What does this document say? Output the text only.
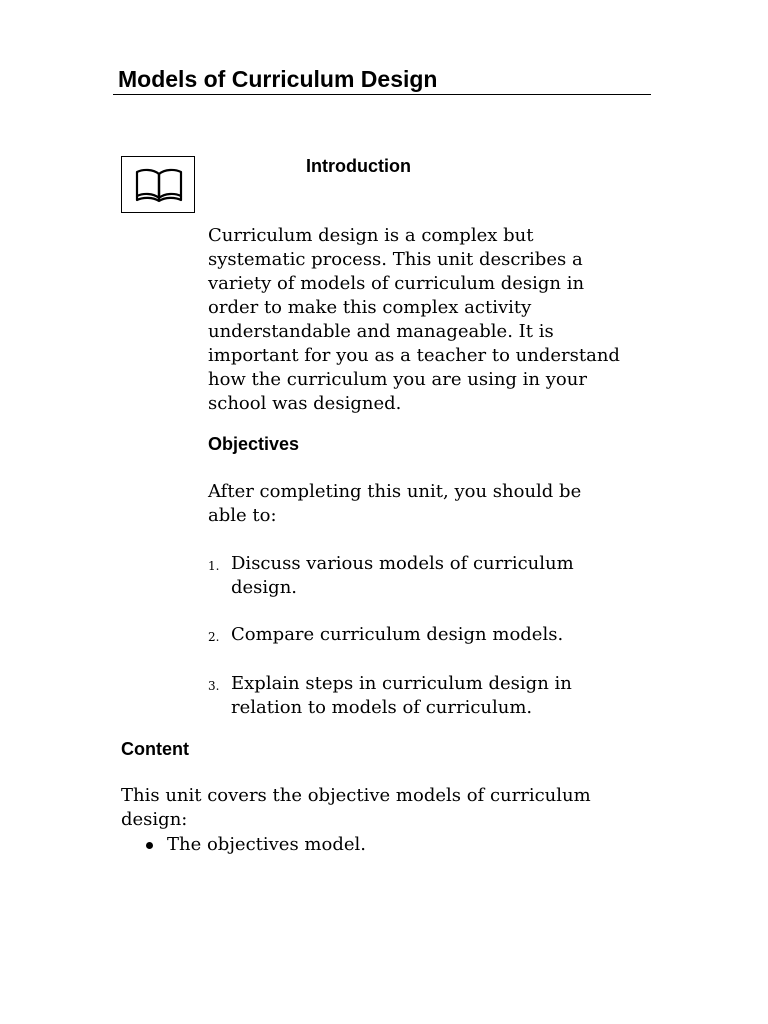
Models of Curriculum Design
Introduction

Curriculum design is a complex but systematic process. This unit describes a variety of models of curriculum design in order to make this complex activity understandable and manageable. It is important for you as a teacher to understand how the curriculum you are using in your school was designed.

Objectives
After completing this unit, you should be
able to:
1. Discuss various models of curriculum
design.
2. Compare curriculum design models.
3. Explain steps in curriculum design in
relation to models of curriculum.
Content
This unit covers the objective models of curriculum
design:
The objectives model.
